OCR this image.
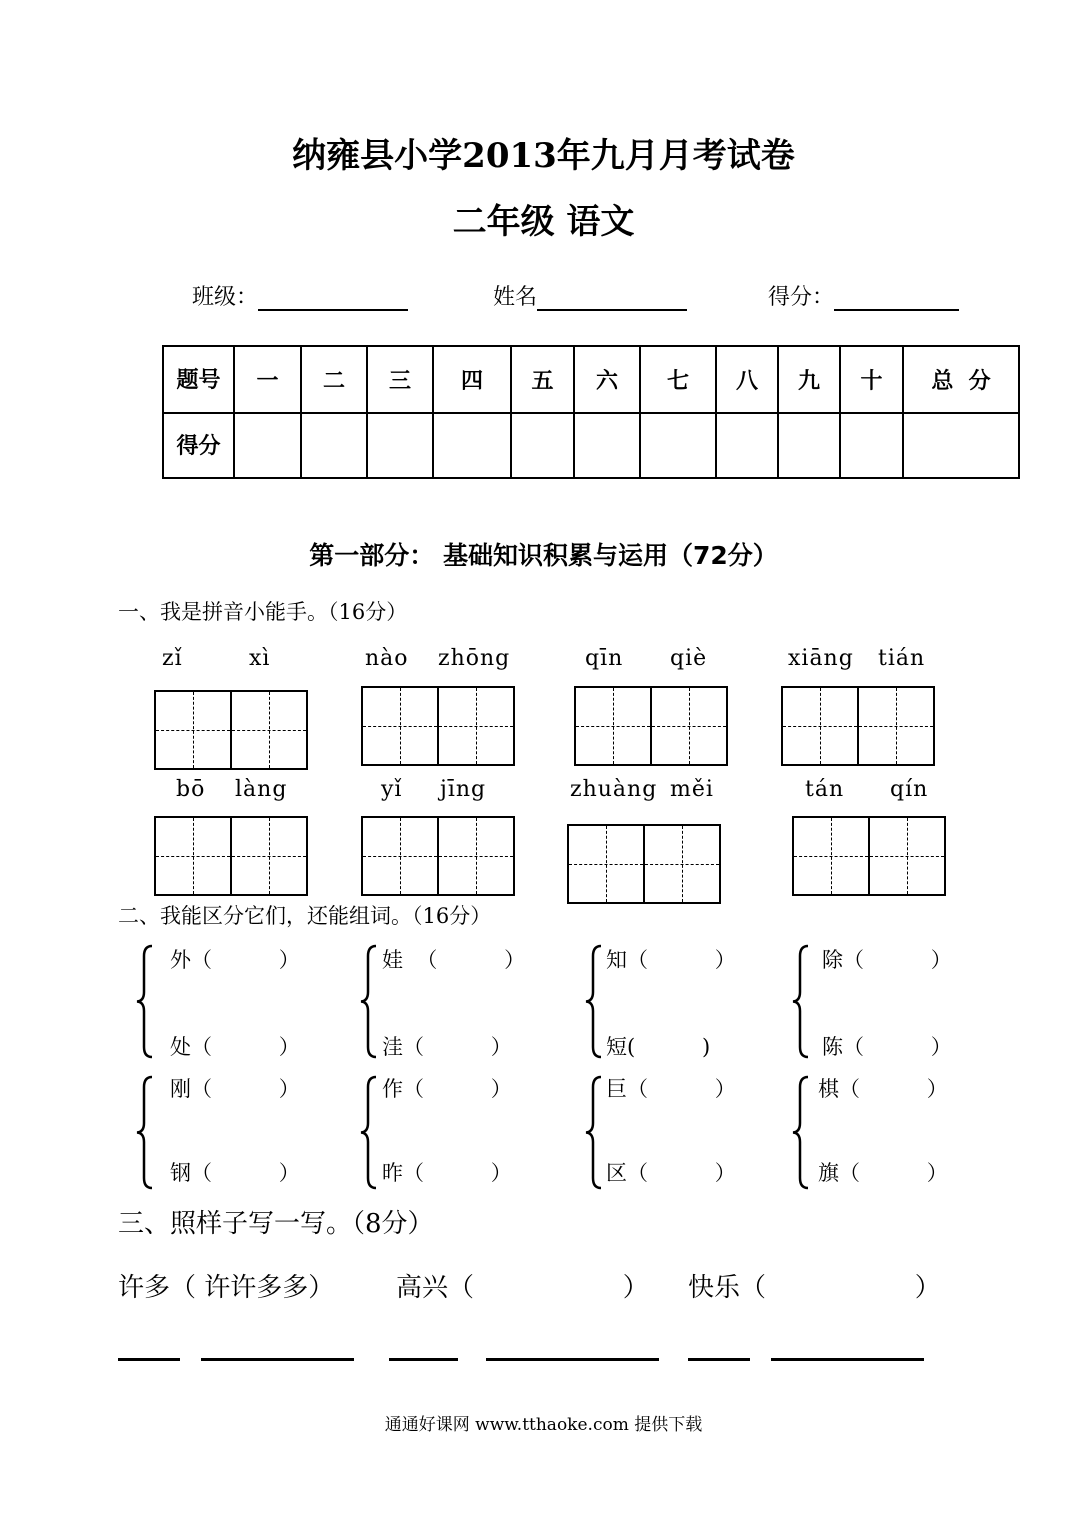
纳雍县小学2013年九月月考试卷
二年级 语文
班级：	姓名	得分：
题号	一	二	三	四	五	六	七	八	九	十	总  分
得分											
第一部分： 基础知识积累与运用（72分）
一、我是拼音小能手。（16分）
zǐ	xì	nào zhōng	qīn qiè	xiāng tián
bō làng	yǐ jīng	zhuàng měi	tán qín
二、我能区分它们，还能组词。（16分）
外（          ）
处（          ）
娃  （          ）
洼（          ）
知（          ）
短(          )
除（          ）
陈（          ）
刚（          ）
钢（          ）
作（          ）
昨（          ）
巨（          ）
区（          ）
棋（          ）
旗（          ）
三、照样子写一写。（8分）
许多（ 许许多多） 高兴（                  ） 快乐（                  ）
通通好课网 www.tthaoke.com 提供下载
